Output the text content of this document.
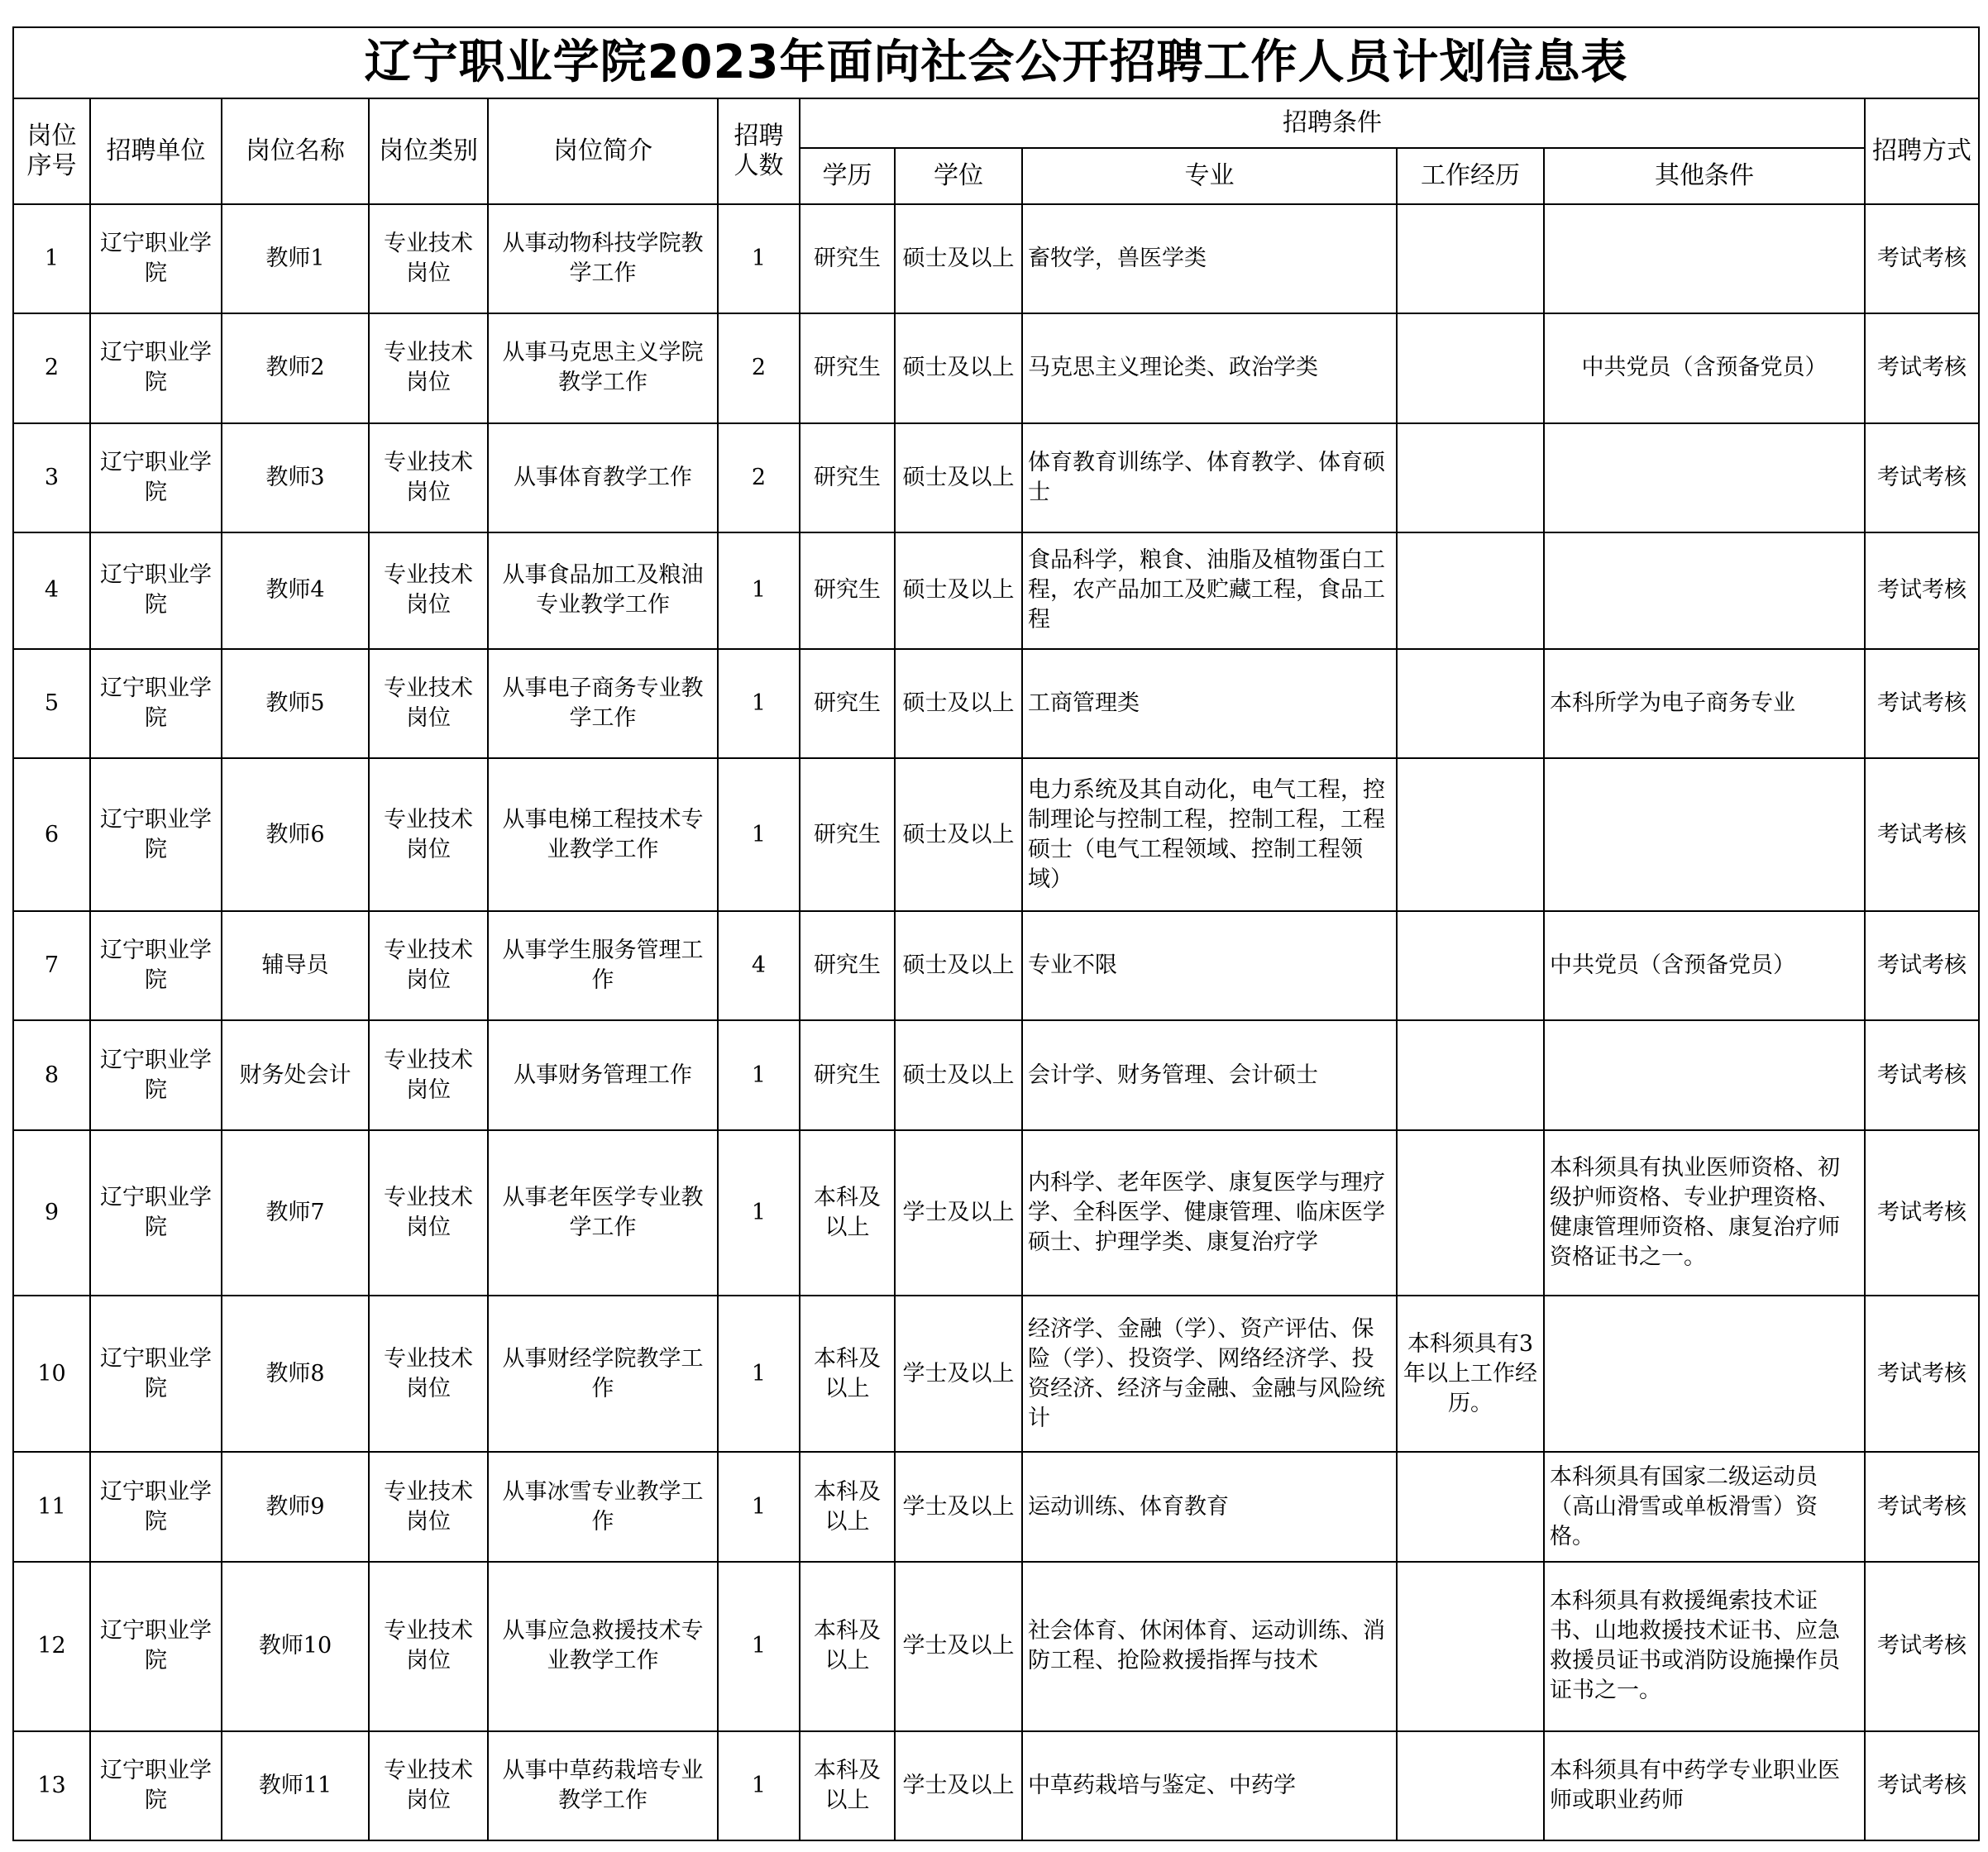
辽宁职业学院2023年面向社会公开招聘工作人员计划信息表											
岗位序号	招聘单位	岗位名称	岗位类别	岗位简介	招聘人数	招聘条件					招聘方式
						学历	学位	专业	工作经历	其他条件	
1	辽宁职业学院	教师1	专业技术岗位	从事动物科技学院教学工作	1	研究生	硕士及以上	畜牧学，兽医学类			考试考核
2	辽宁职业学院	教师2	专业技术岗位	从事马克思主义学院教学工作	2	研究生	硕士及以上	马克思主义理论类、政治学类		中共党员（含预备党员）	考试考核
3	辽宁职业学院	教师3	专业技术岗位	从事体育教学工作	2	研究生	硕士及以上	体育教育训练学、体育教学、体育硕士			考试考核
4	辽宁职业学院	教师4	专业技术岗位	从事食品加工及粮油专业教学工作	1	研究生	硕士及以上	食品科学，粮食、油脂及植物蛋白工程，农产品加工及贮藏工程，食品工程			考试考核
5	辽宁职业学院	教师5	专业技术岗位	从事电子商务专业教学工作	1	研究生	硕士及以上	工商管理类		本科所学为电子商务专业	考试考核
6	辽宁职业学院	教师6	专业技术岗位	从事电梯工程技术专业教学工作	1	研究生	硕士及以上	电力系统及其自动化，电气工程，控制理论与控制工程，控制工程，工程硕士（电气工程领域、控制工程领域）			考试考核
7	辽宁职业学院	辅导员	专业技术岗位	从事学生服务管理工作	4	研究生	硕士及以上	专业不限		中共党员（含预备党员）	考试考核
8	辽宁职业学院	财务处会计	专业技术岗位	从事财务管理工作	1	研究生	硕士及以上	会计学、财务管理、会计硕士			考试考核
9	辽宁职业学院	教师7	专业技术岗位	从事老年医学专业教学工作	1	本科及以上	学士及以上	内科学、老年医学、康复医学与理疗学、全科医学、健康管理、临床医学硕士、护理学类、康复治疗学		本科须具有执业医师资格、初级护师资格、专业护理资格、健康管理师资格、康复治疗师资格证书之一。	考试考核
10	辽宁职业学院	教师8	专业技术岗位	从事财经学院教学工作	1	本科及以上	学士及以上	经济学、金融（学）、资产评估、保险（学）、投资学、网络经济学、投资经济、经济与金融、金融与风险统计	本科须具有3年以上工作经历。		考试考核
11	辽宁职业学院	教师9	专业技术岗位	从事冰雪专业教学工作	1	本科及以上	学士及以上	运动训练、体育教育		本科须具有国家二级运动员（高山滑雪或单板滑雪）资格。	考试考核
12	辽宁职业学院	教师10	专业技术岗位	从事应急救援技术专业教学工作	1	本科及以上	学士及以上	社会体育、休闲体育、运动训练、消防工程、抢险救援指挥与技术		本科须具有救援绳索技术证书、山地救援技术证书、应急救援员证书或消防设施操作员证书之一。	考试考核
13	辽宁职业学院	教师11	专业技术岗位	从事中草药栽培专业教学工作	1	本科及以上	学士及以上	中草药栽培与鉴定、中药学		本科须具有中药学专业职业医师或职业药师	考试考核
